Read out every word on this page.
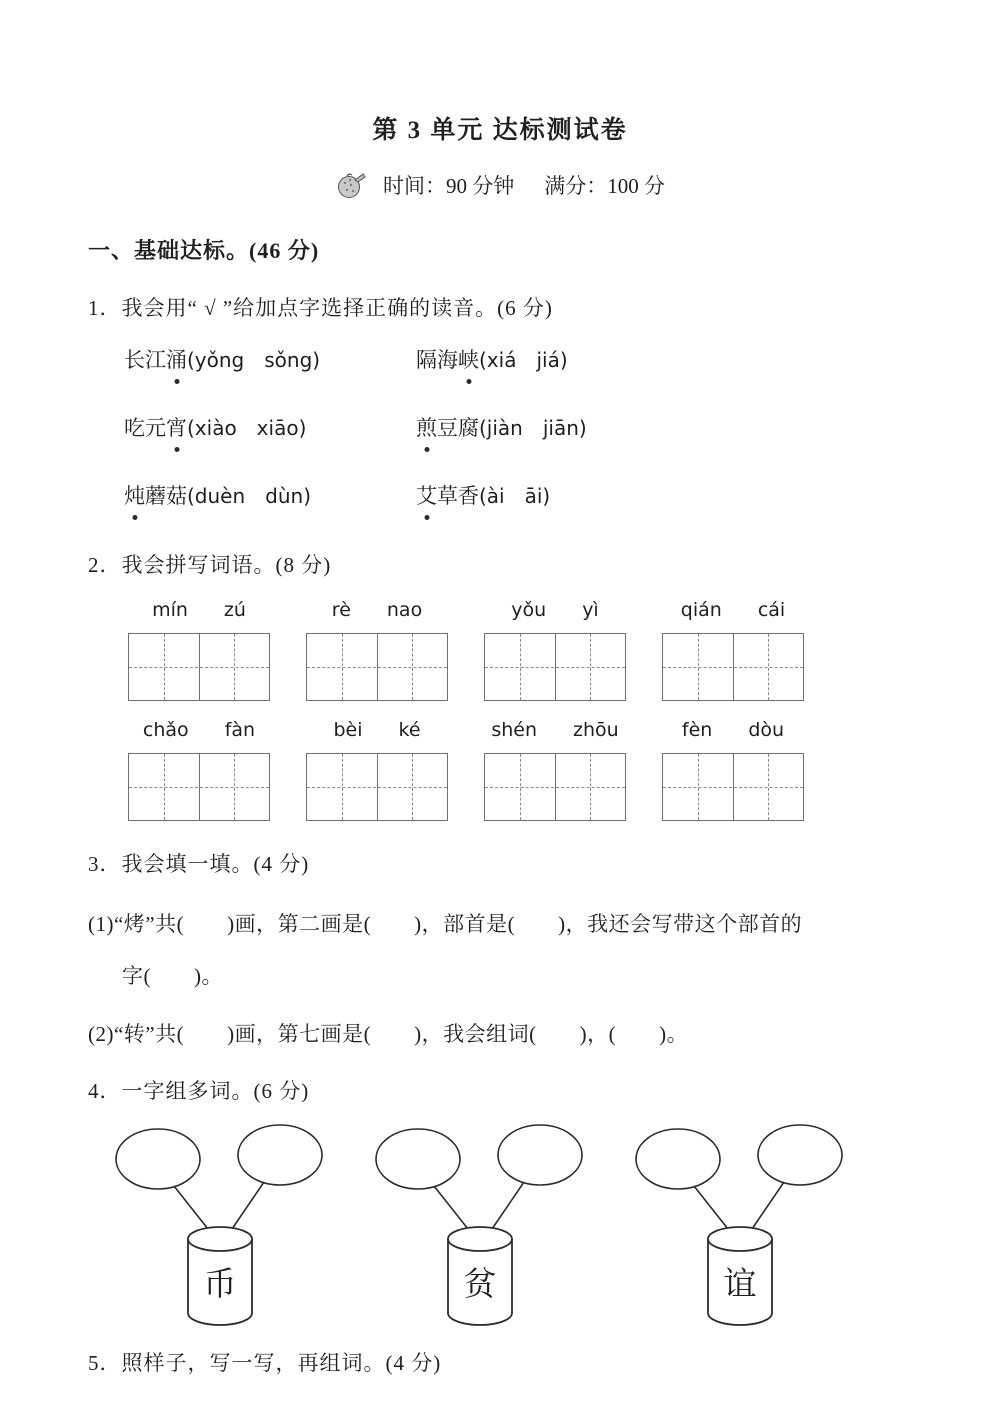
第 3 单元 达标测试卷
时间：90 分钟 满分：100 分
一、基础达标。(46 分)

1．我会用“ √ ”给加点字选择正确的读音。(6 分)

长江涌(yǒng　sǒng)	隔海峡(xiá　jiá)
吃元宵(xiào　xiāo)	煎豆腐(jiàn　jiān)
炖蘑菇(duèn　dùn)	艾草香(ài　āi)

2．我会拼写词语。(8 分)

mín zú	rè nao	yǒu yì	qián cái
chǎo fàn	bèi ké	shén zhōu	fèn dòu

3．我会填一填。(4 分)

(1)“烤”共(　　)画，第二画是(　　)，部首是(　　)，我还会写带这个部首的

字(　　)。

(2)“转”共(　　)画，第七画是(　　)，我会组词(　　)，(　　)。

4．一字组多词。(6 分)

币	贫	谊

5．照样子，写一写，再组词。(4 分)
